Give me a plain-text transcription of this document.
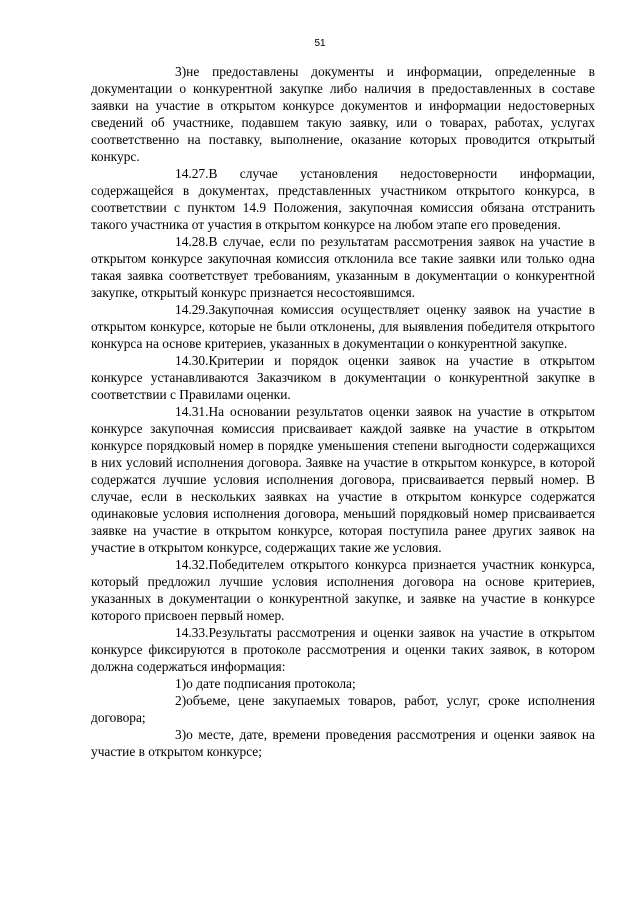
51

3)не предоставлены документы и информации, определенные в документации о конкурентной закупке либо наличия в предоставленных в составе заявки на участие в открытом конкурсе документов и информации недостоверных сведений об участнике, подавшем такую заявку, или о товарах, работах, услугах соответственно на поставку, выполнение, оказание которых проводится открытый конкурс.

14.27.В случае установления недостоверности информации, содержащейся в документах, представленных участником открытого конкурса, в соответствии с пунктом 14.9 Положения, закупочная комиссия обязана отстранить такого участника от участия в открытом конкурсе на любом этапе его проведения.

14.28.В случае, если по результатам рассмотрения заявок на участие в открытом конкурсе закупочная комиссия отклонила все такие заявки или только одна такая заявка соответствует требованиям, указанным в документации о конкурентной закупке, открытый конкурс признается несостоявшимся.

14.29.Закупочная комиссия осуществляет оценку заявок на участие в открытом конкурсе, которые не были отклонены, для выявления победителя открытого конкурса на основе критериев, указанных в документации о конкурентной закупке.

14.30.Критерии и порядок оценки заявок на участие в открытом конкурсе устанавливаются Заказчиком в документации о конкурентной закупке в соответствии с Правилами оценки.

14.31.На основании результатов оценки заявок на участие в открытом конкурсе закупочная комиссия присваивает каждой заявке на участие в открытом конкурсе порядковый номер в порядке уменьшения степени выгодности содержащихся в них условий исполнения договора. Заявке на участие в открытом конкурсе, в которой содержатся лучшие условия исполнения договора, присваивается первый номер. В случае, если в нескольких заявках на участие в открытом конкурсе содержатся одинаковые условия исполнения договора, меньший порядковый номер присваивается заявке на участие в открытом конкурсе, которая поступила ранее других заявок на участие в открытом конкурсе, содержащих такие же условия.

14.32.Победителем открытого конкурса признается участник конкурса, который предложил лучшие условия исполнения договора на основе критериев, указанных в документации о конкурентной закупке, и заявке на участие в конкурсе которого присвоен первый номер.

14.33.Результаты рассмотрения и оценки заявок на участие в открытом конкурсе фиксируются в протоколе рассмотрения и оценки таких заявок, в котором должна содержаться информация:

1)о дате подписания протокола;

2)объеме, цене закупаемых товаров, работ, услуг, сроке исполнения договора;

3)о месте, дате, времени проведения рассмотрения и оценки заявок на участие в открытом конкурсе;
